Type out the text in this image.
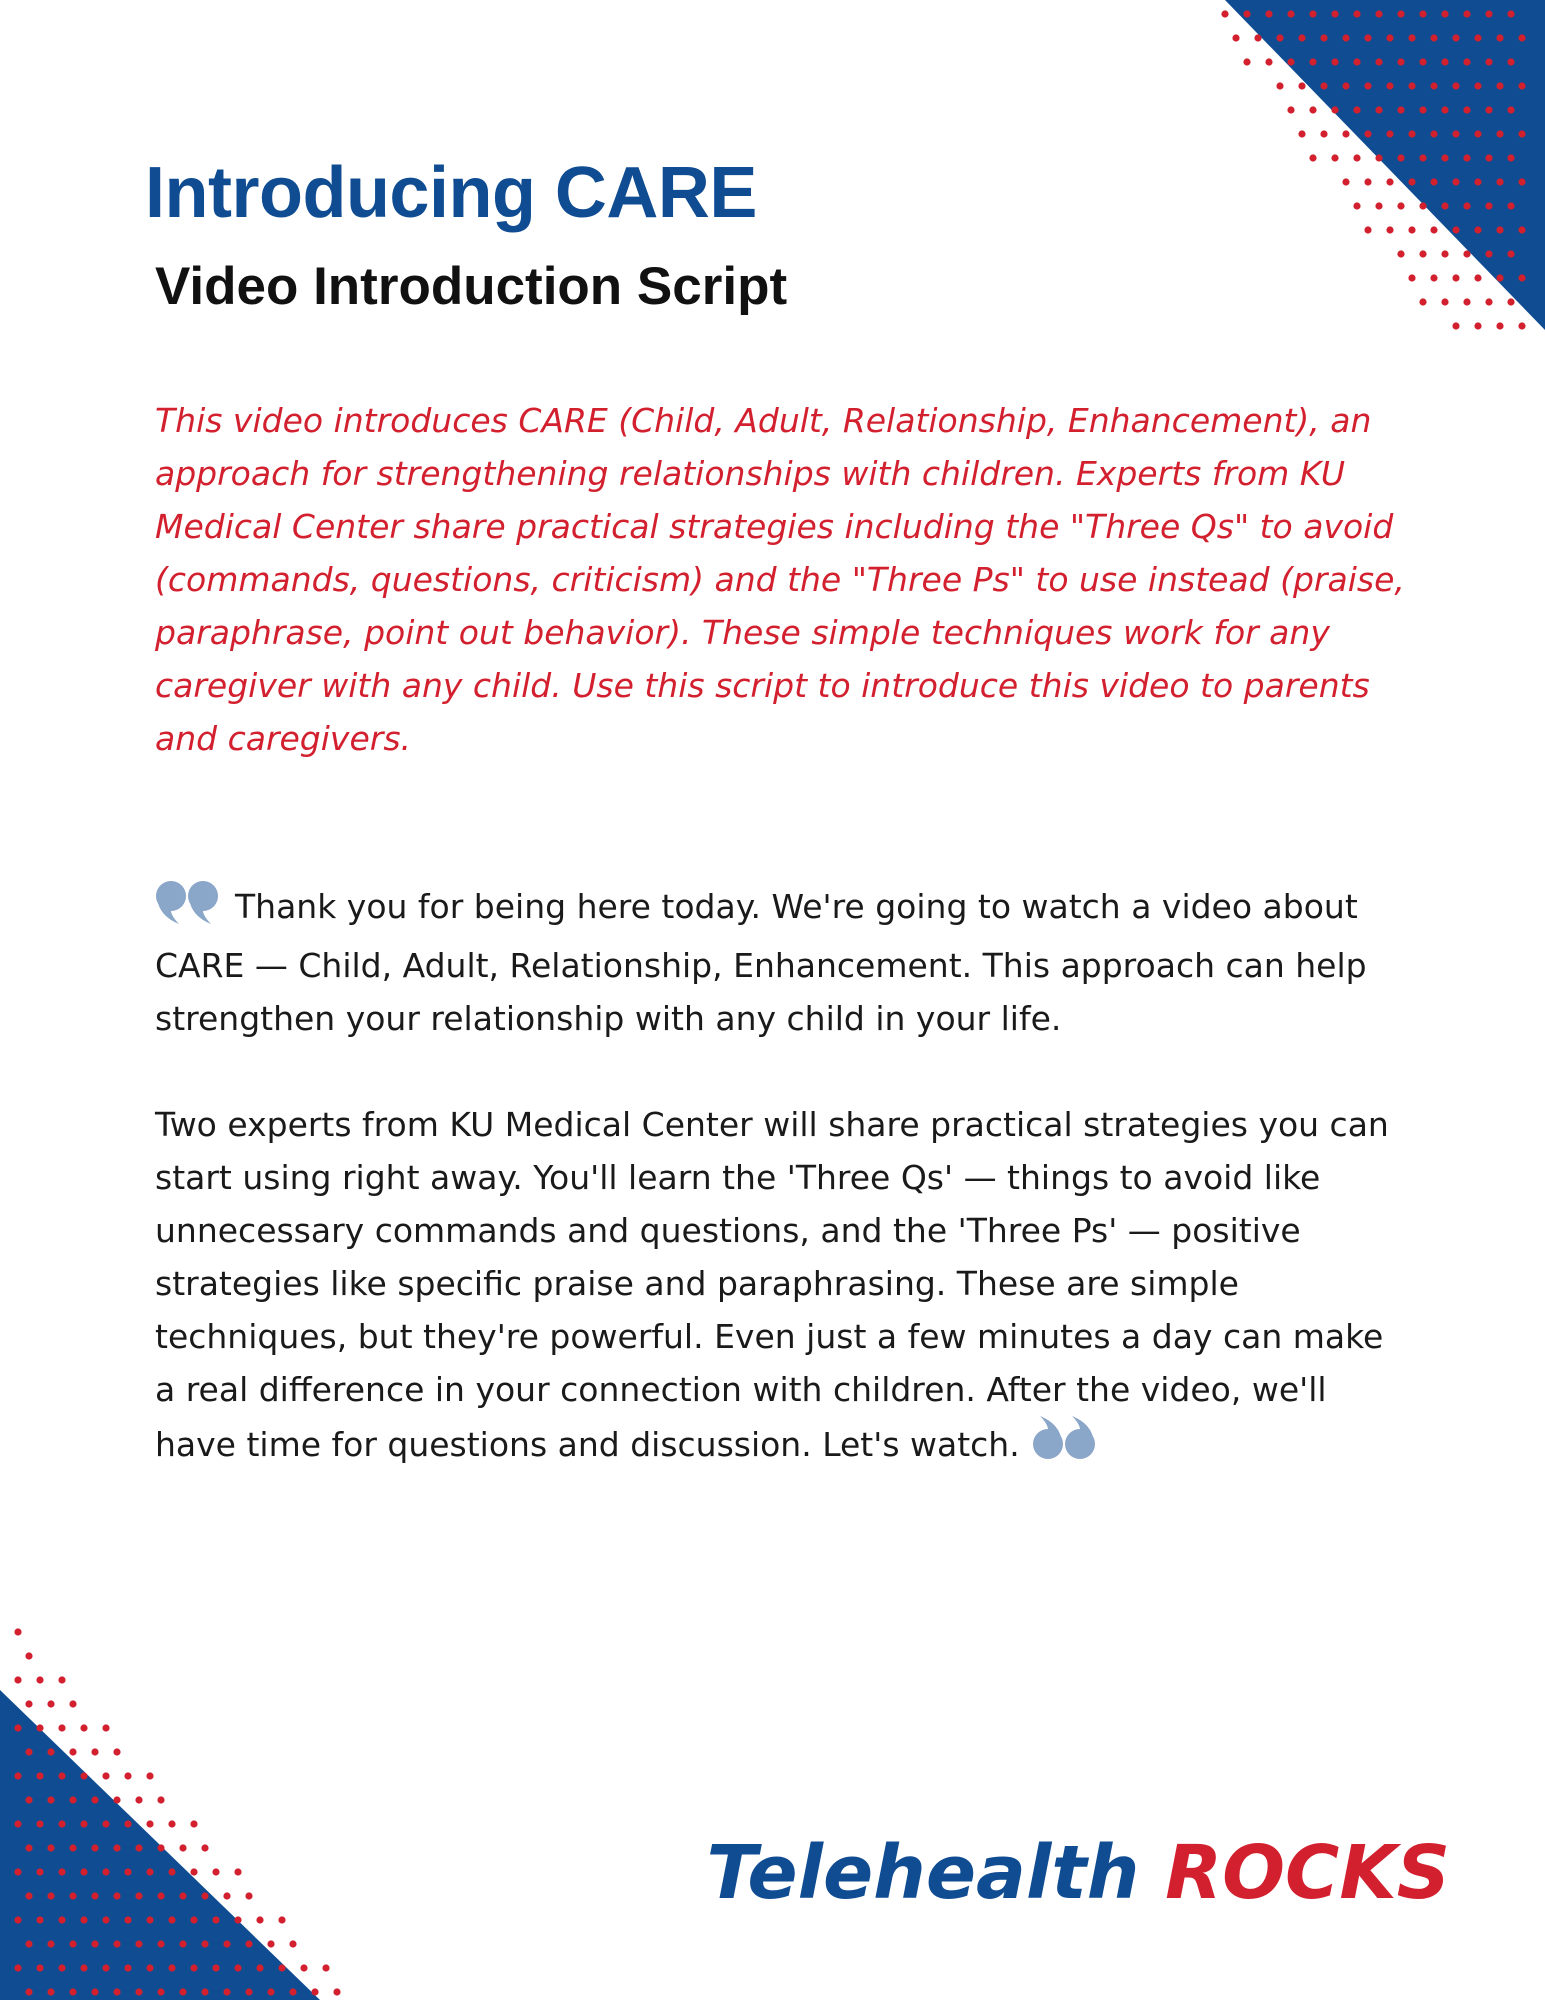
Introducing CARE
Video Introduction Script

This video introduces CARE (Child, Adult, Relationship, Enhancement), an approach for strengthening relationships with children. Experts from KU Medical Center share practical strategies including the "Three Qs" to avoid (commands, questions, criticism) and the "Three Ps" to use instead (praise, paraphrase, point out behavior). These simple techniques work for any caregiver with any child. Use this script to introduce this video to parents and caregivers.

Thank you for being here today. We're going to watch a video about CARE — Child, Adult, Relationship, Enhancement. This approach can help strengthen your relationship with any child in your life.

Two experts from KU Medical Center will share practical strategies you can start using right away. You'll learn the 'Three Qs' — things to avoid like unnecessary commands and questions, and the 'Three Ps' — positive strategies like specific praise and paraphrasing. These are simple techniques, but they're powerful. Even just a few minutes a day can make a real difference in your connection with children. After the video, we'll have time for questions and discussion. Let's watch.

Telehealth ROCKS
